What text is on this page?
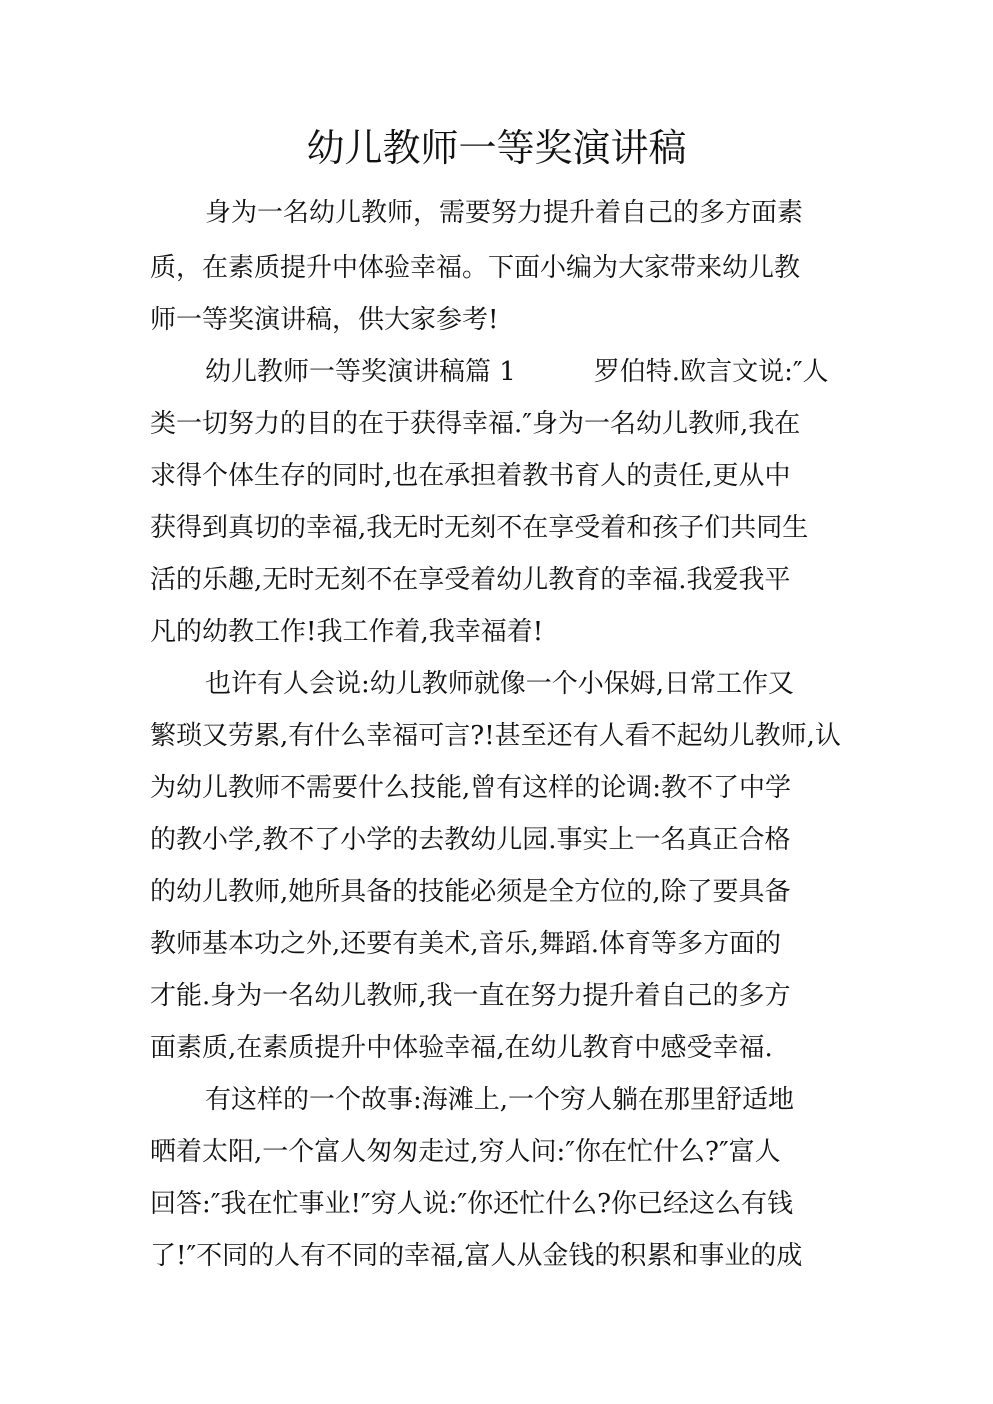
幼儿教师一等奖演讲稿
身为一名幼儿教师，需要努力提升着自己的多方面素
质，在素质提升中体验幸福。下面小编为大家带来幼儿教
师一等奖演讲稿，供大家参考!
幼儿教师一等奖演讲稿篇 1　　　罗伯特.欧言文说:″人
类一切努力的目的在于获得幸福.″身为一名幼儿教师,我在
求得个体生存的同时,也在承担着教书育人的责任,更从中
获得到真切的幸福,我无时无刻不在享受着和孩子们共同生
活的乐趣,无时无刻不在享受着幼儿教育的幸福.我爱我平
凡的幼教工作!我工作着,我幸福着!
也许有人会说:幼儿教师就像一个小保姆,日常工作又
繁琐又劳累,有什么幸福可言?!甚至还有人看不起幼儿教师,认
为幼儿教师不需要什么技能,曾有这样的论调:教不了中学
的教小学,教不了小学的去教幼儿园.事实上一名真正合格
的幼儿教师,她所具备的技能必须是全方位的,除了要具备
教师基本功之外,还要有美术,音乐,舞蹈.体育等多方面的
才能.身为一名幼儿教师,我一直在努力提升着自己的多方
面素质,在素质提升中体验幸福,在幼儿教育中感受幸福.
有这样的一个故事:海滩上,一个穷人躺在那里舒适地
晒着太阳,一个富人匆匆走过,穷人问:″你在忙什么?″富人
回答:″我在忙事业!″穷人说:″你还忙什么?你已经这么有钱
了!″不同的人有不同的幸福,富人从金钱的积累和事业的成
